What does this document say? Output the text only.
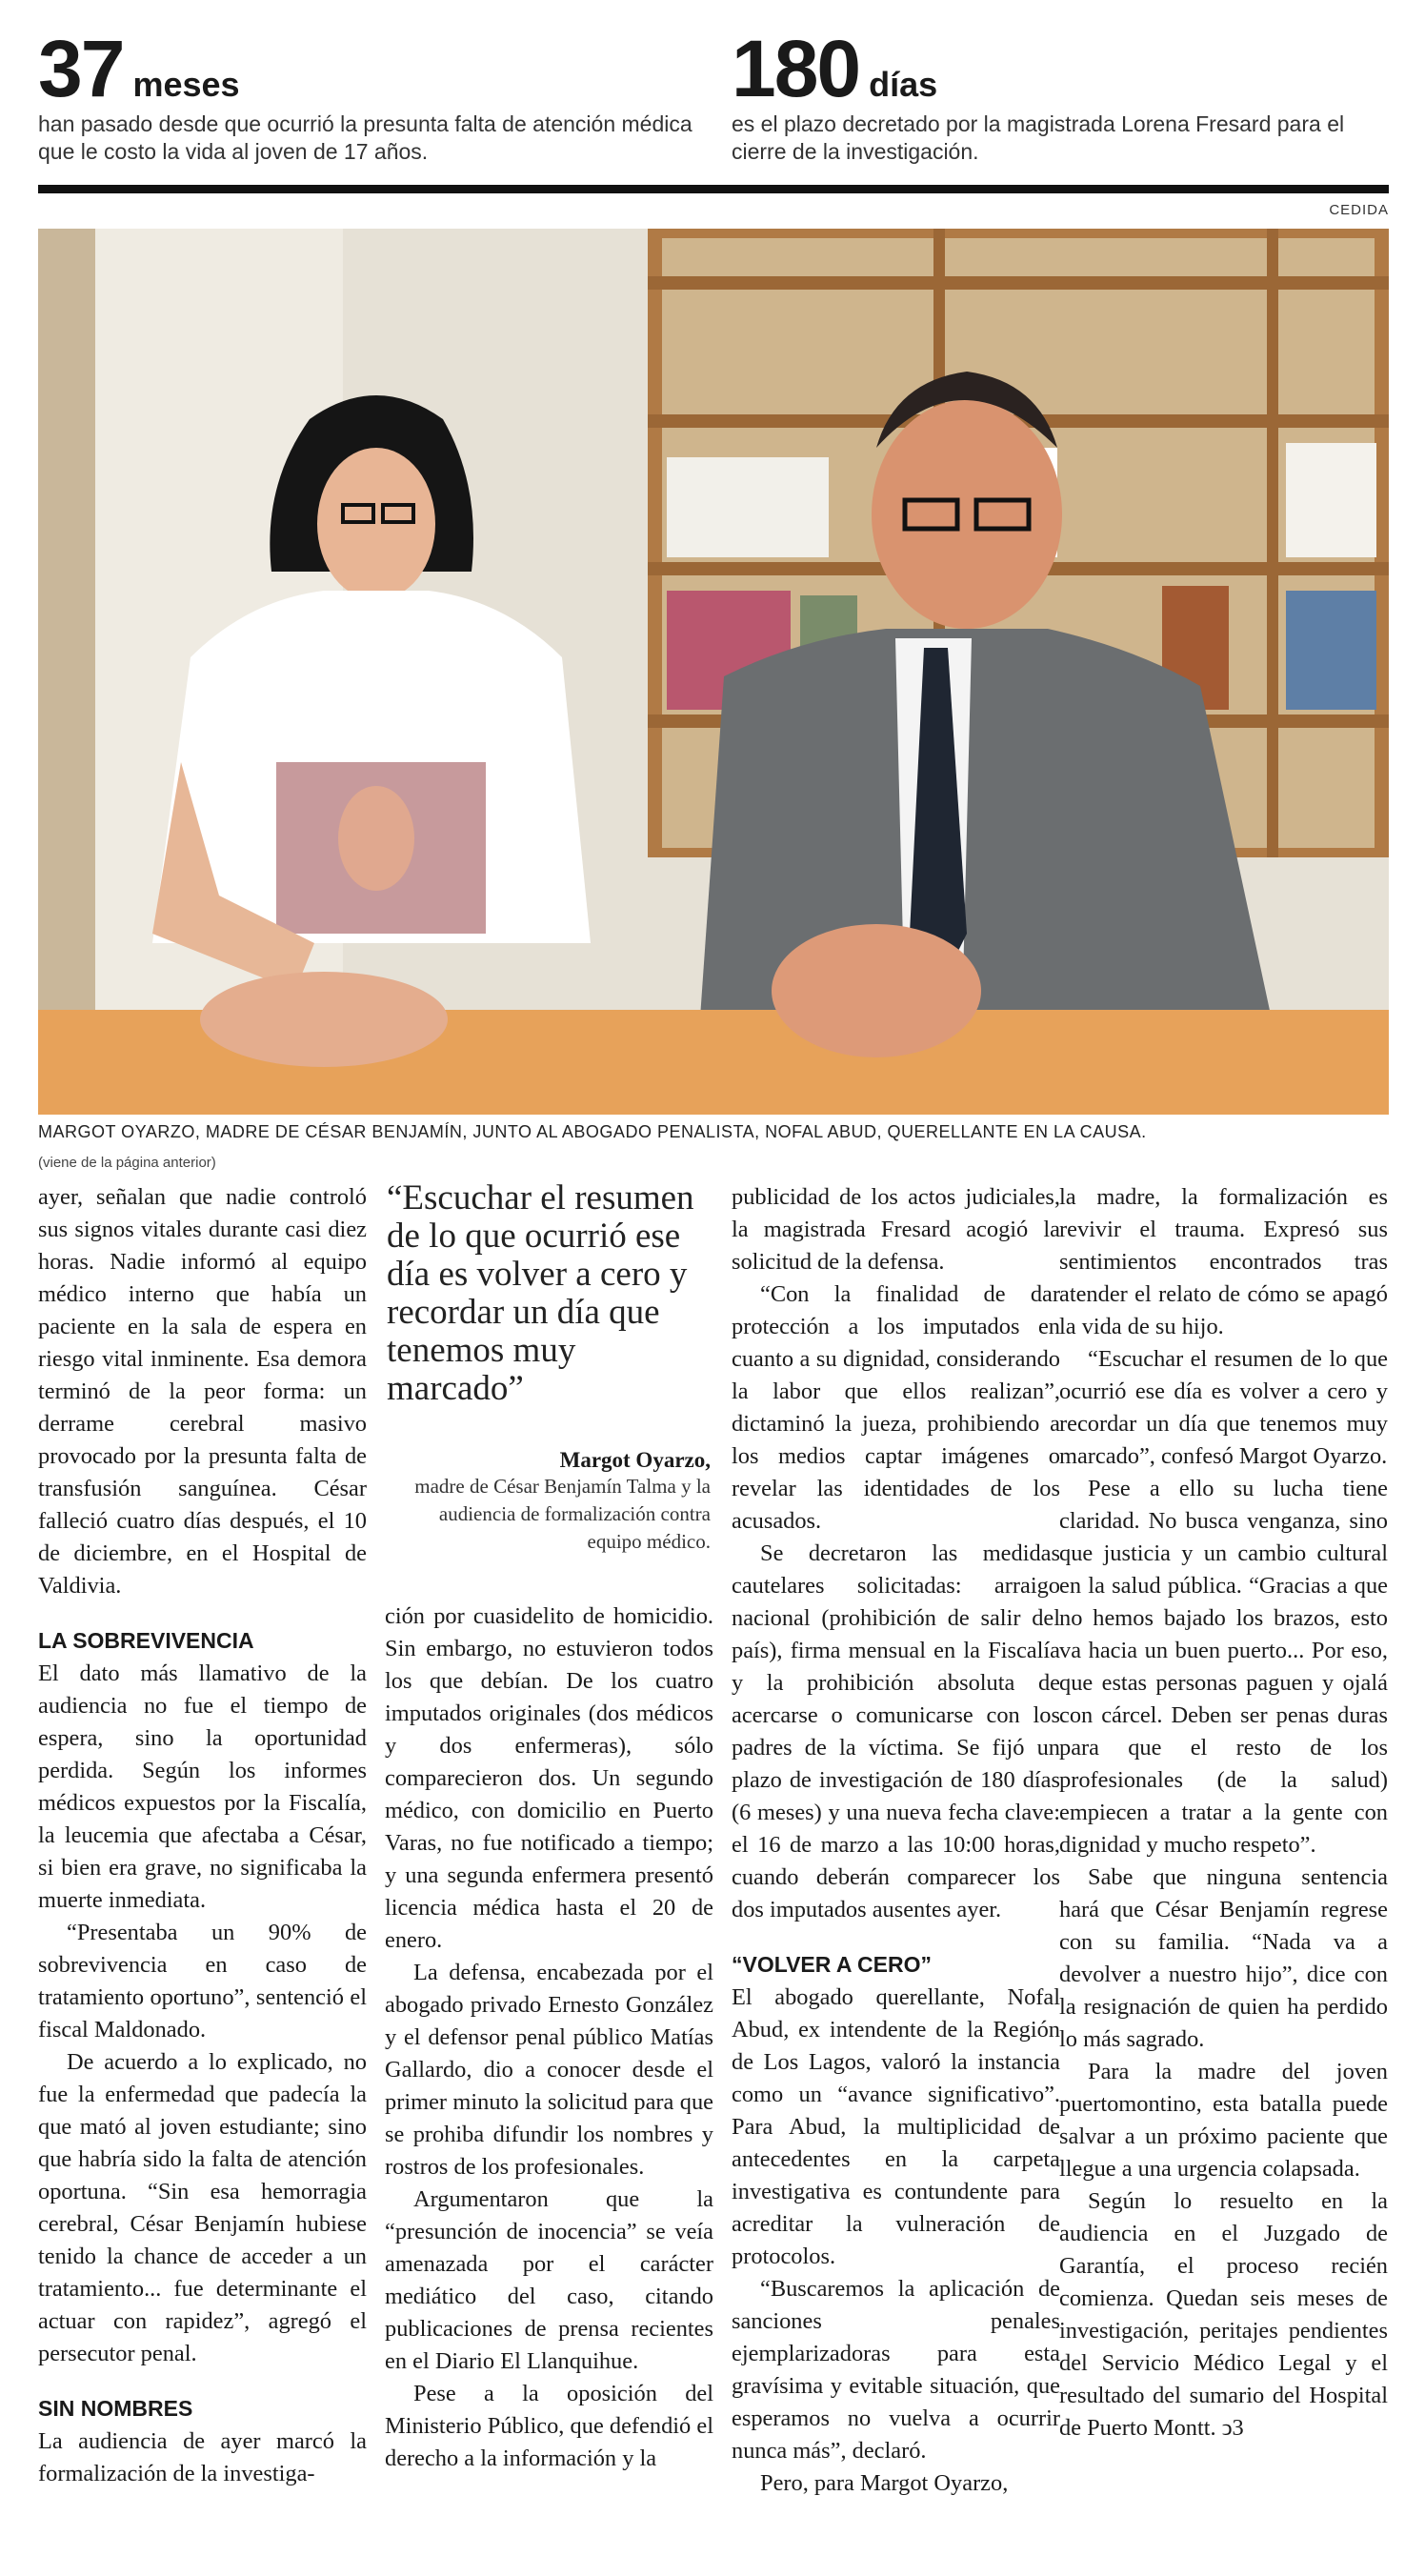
37 meses
han pasado desde que ocurrió la presunta falta de atención médica que le costo la vida al joven de 17 años.
180 días
es el plazo decretado por la magistrada Lorena Fresard para el cierre de la investigación.
CEDIDA
MARGOT OYARZO, MADRE DE CÉSAR BENJAMÍN, JUNTO AL ABOGADO PENALISTA, NOFAL ABUD, QUERELLANTE EN LA CAUSA.
(viene de la página anterior)

ayer, señalan que nadie controló sus signos vitales durante casi diez horas. Nadie informó al equipo médico interno que había un paciente en la sala de espera en riesgo vital inminente. Esa demora terminó de la peor forma: un derrame cerebral masivo provocado por la presunta falta de transfusión sanguínea. César falleció cuatro días después, el 10 de diciembre, en el Hospital de Valdivia.

LA SOBREVIVENCIA

El dato más llamativo de la audiencia no fue el tiempo de espera, sino la oportunidad perdida. Según los informes médicos expuestos por la Fiscalía, la leucemia que afectaba a César, si bien era grave, no significaba la muerte inmediata.

“Presentaba un 90% de sobrevivencia en caso de tratamiento oportuno”, sentenció el fiscal Maldonado.

De acuerdo a lo explicado, no fue la enfermedad que padecía la que mató al joven estudiante; sino que habría sido la falta de atención oportuna. “Sin esa hemorragia cerebral, César Benjamín hubiese tenido la chance de acceder a un tratamiento... fue determinante el actuar con rapidez”, agregó el persecutor penal.

SIN NOMBRES

La audiencia de ayer marcó la formalización de la investiga-

“Escuchar el resumen de lo que ocurrió ese día es volver a cero y recordar un día que tenemos muy marcado”
Margot Oyarzo,
madre de César Benjamín Talma y la audiencia de formalización contra equipo médico.

ción por cuasidelito de homicidio. Sin embargo, no estuvieron todos los que debían. De los cuatro imputados originales (dos médicos y dos enfermeras), sólo comparecieron dos. Un segundo médico, con domicilio en Puerto Varas, no fue notificado a tiempo; y una segunda enfermera presentó licencia médica hasta el 20 de enero.

La defensa, encabezada por el abogado privado Ernesto González y el defensor penal público Matías Gallardo, dio a conocer desde el primer minuto la solicitud para que se prohiba difundir los nombres y rostros de los profesionales.

Argumentaron que la “presunción de inocencia” se veía amenazada por el carácter mediático del caso, citando publicaciones de prensa recientes en el Diario El Llanquihue.

Pese a la oposición del Ministerio Público, que defendió el derecho a la información y la

publicidad de los actos judiciales, la magistrada Fresard acogió la solicitud de la defensa.

“Con la finalidad de dar protección a los imputados en cuanto a su dignidad, considerando la labor que ellos realizan”, dictaminó la jueza, prohibiendo a los medios captar imágenes o revelar las identidades de los acusados.

Se decretaron las medidas cautelares solicitadas: arraigo nacional (prohibición de salir del país), firma mensual en la Fiscalía y la prohibición absoluta de acercarse o comunicarse con los padres de la víctima. Se fijó un plazo de investigación de 180 días (6 meses) y una nueva fecha clave: el 16 de marzo a las 10:00 horas, cuando deberán comparecer los dos imputados ausentes ayer.

“VOLVER A CERO”

El abogado querellante, Nofal Abud, ex intendente de la Región de Los Lagos, valoró la instancia como un “avance significativo”. Para Abud, la multiplicidad de antecedentes en la carpeta investigativa es contundente para acreditar la vulneración de protocolos.

“Buscaremos la aplicación de sanciones penales ejemplarizadoras para esta gravísima y evitable situación, que esperamos no vuelva a ocurrir nunca más”, declaró.

Pero, para Margot Oyarzo,

la madre, la formalización es revivir el trauma. Expresó sus sentimientos encontrados tras atender el relato de cómo se apagó la vida de su hijo.

“Escuchar el resumen de lo que ocurrió ese día es volver a cero y recordar un día que tenemos muy marcado”, confesó Margot Oyarzo.

Pese a ello su lucha tiene claridad. No busca venganza, sino que justicia y un cambio cultural en la salud pública. “Gracias a que no hemos bajado los brazos, esto va hacia un buen puerto... Por eso, que estas personas paguen y ojalá con cárcel. Deben ser penas duras para que el resto de los profesionales (de la salud) empiecen a tratar a la gente con dignidad y mucho respeto”.

Sabe que ninguna sentencia hará que César Benjamín regrese con su familia. “Nada va a devolver a nuestro hijo”, dice con la resignación de quien ha perdido lo más sagrado.

Para la madre del joven puertomontino, esta batalla puede salvar a un próximo paciente que llegue a una urgencia colapsada.

Según lo resuelto en la audiencia en el Juzgado de Garantía, el proceso recién comienza. Quedan seis meses de investigación, peritajes pendientes del Servicio Médico Legal y el resultado del sumario del Hospital de Puerto Montt. ↄ3
